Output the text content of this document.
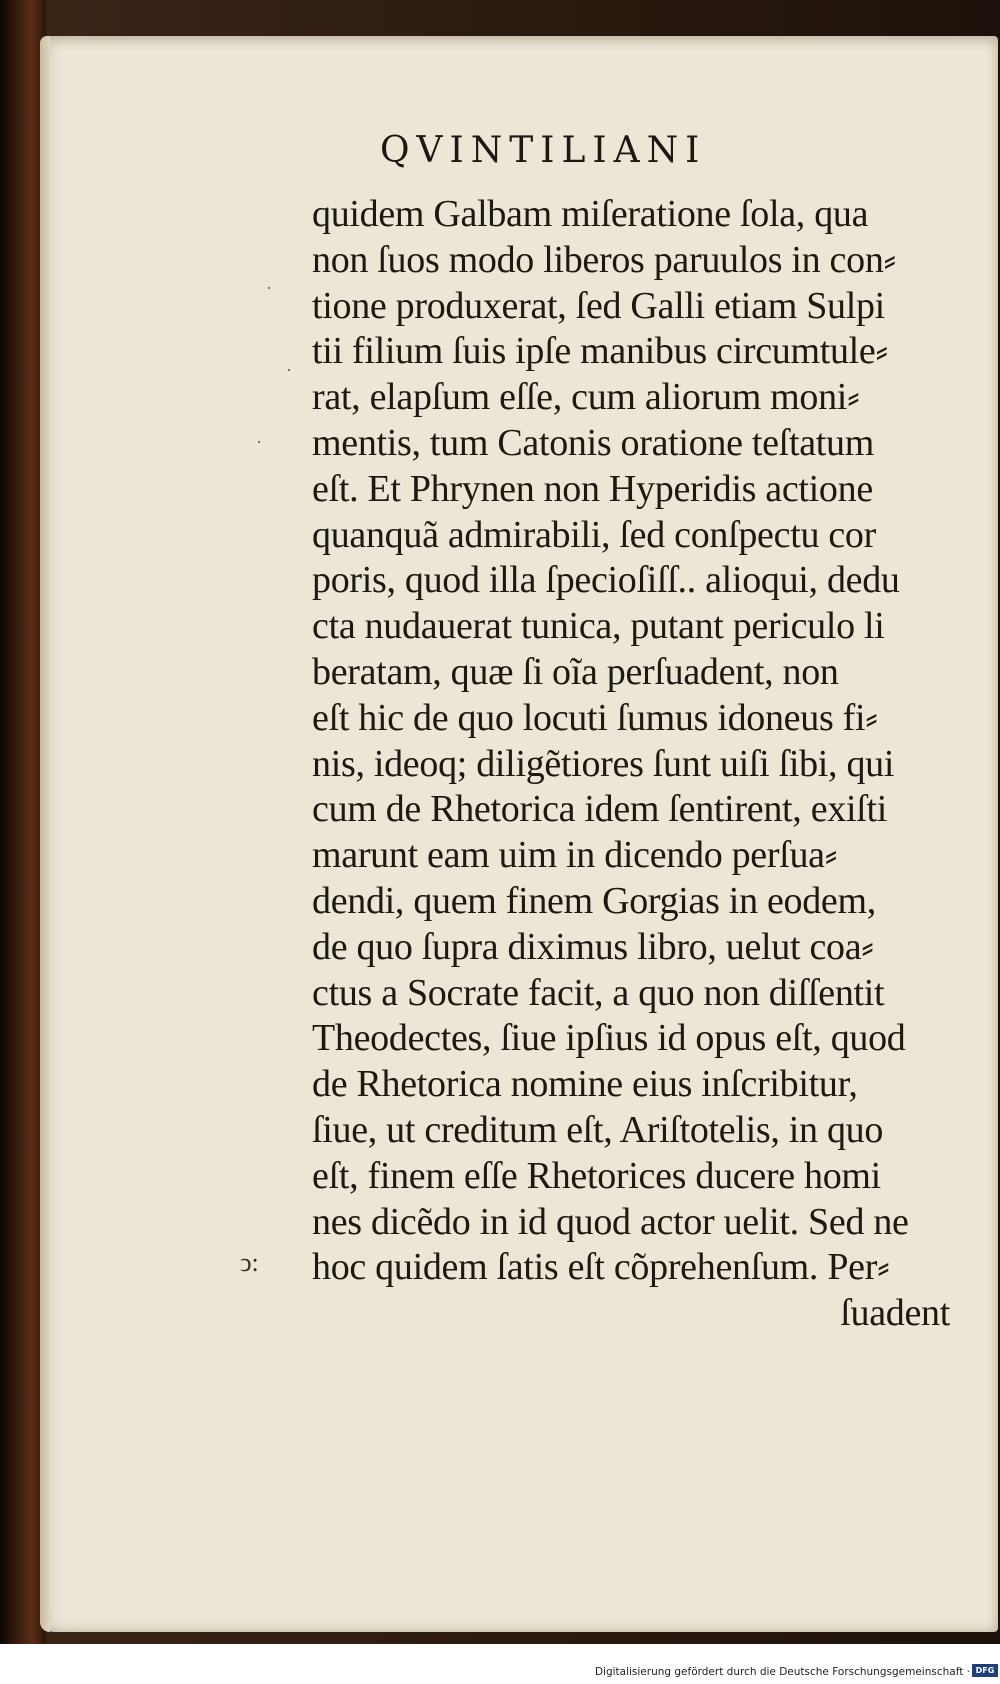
QVINTILIANI
quidem Galbam miſeratione ſola, qua
non ſuos modo liberos paruulos in con⸗
tione produxerat, ſed Galli etiam Sulpi
tii filium ſuis ipſe manibus circumtule⸗
rat, elapſum eſſe, cum aliorum moni⸗
mentis, tum Catonis oratione teſtatum
eſt. Et Phrynen non Hyperidis actione
quanquã admirabili, ſed conſpectu cor
poris, quod illa ſpecioſiſſ.. alioqui, dedu
cta nudauerat tunica, putant periculo li
beratam, quæ ſi oĩa perſuadent, non
eſt hic de quo locuti ſumus idoneus fi⸗
nis, ideoq; diligẽtiores ſunt uiſi ſibi, qui
cum de Rhetorica idem ſentirent, exiſti
marunt eam uim in dicendo perſua⸗
dendi, quem finem Gorgias in eodem,
de quo ſupra diximus libro, uelut coa⸗
ctus a Socrate facit, a quo non diſſentit
Theodectes, ſiue ipſius id opus eſt, quod
de Rhetorica nomine eius inſcribitur,
ſiue, ut creditum eſt, Ariſtotelis, in quo
eſt, finem eſſe Rhetorices ducere homi
nes dicẽdo in id quod actor uelit. Sed ne
hoc quidem ſatis eſt cõprehenſum. Per⸗
ſuadent
·
·
·
ↄ:
Digitalisierung gefördert durch die Deutsche Forschungsgemeinschaft · DFG
